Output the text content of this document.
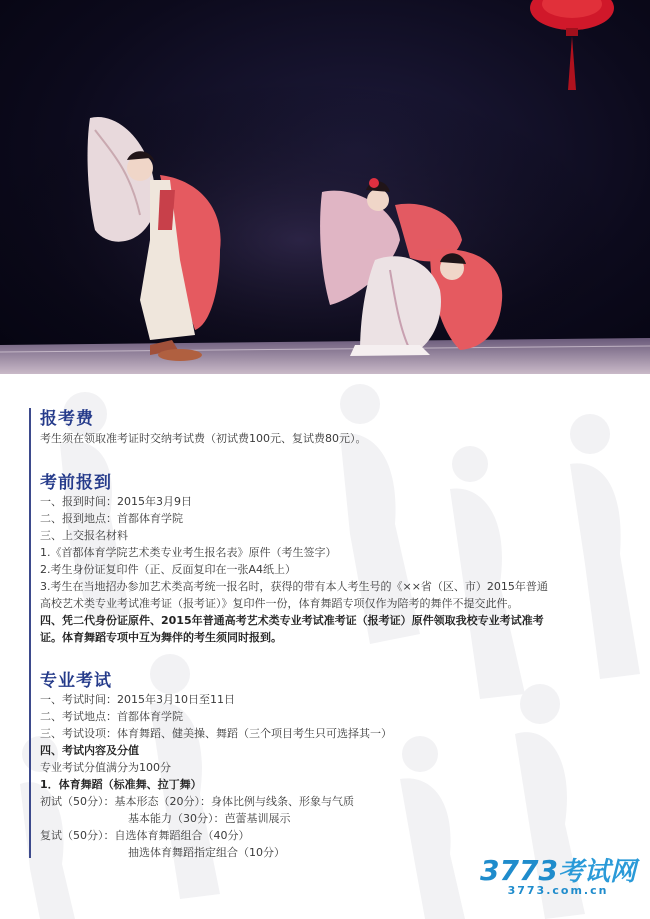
报考费
考生须在领取准考证时交纳考试费（初试费100元、复试费80元）。
考前报到
一、报到时间：2015年3月9日
二、报到地点：首都体育学院
三、上交报名材料
1.《首都体育学院艺术类专业考生报名表》原件（考生签字）
2.考生身份证复印件（正、反面复印在一张A4纸上）
3.考生在当地招办参加艺术类高考统一报名时，获得的带有本人考生号的《××省（区、市）2015年普通
高校艺术类专业考试准考证（报考证）》复印件一份，体育舞蹈专项仅作为陪考的舞伴不提交此件。
四、凭二代身份证原件、2015年普通高考艺术类专业考试准考证（报考证）原件领取我校专业考试准考
证。体育舞蹈专项中互为舞伴的考生须同时报到。
专业考试
一、考试时间：2015年3月10日至11日
二、考试地点：首都体育学院
三、考试设项：体育舞蹈、健美操、舞蹈（三个项目考生只可选择其一）
四、考试内容及分值
专业考试分值满分为100分
1．体育舞蹈（标准舞、拉丁舞）
初试（50分）：基本形态（20分）：身体比例与线条、形象与气质
基本能力（30分）：芭蕾基训展示
复试（50分）：自选体育舞蹈组合（40分）
抽选体育舞蹈指定组合（10分）
3773考试网
3773.com.cn
